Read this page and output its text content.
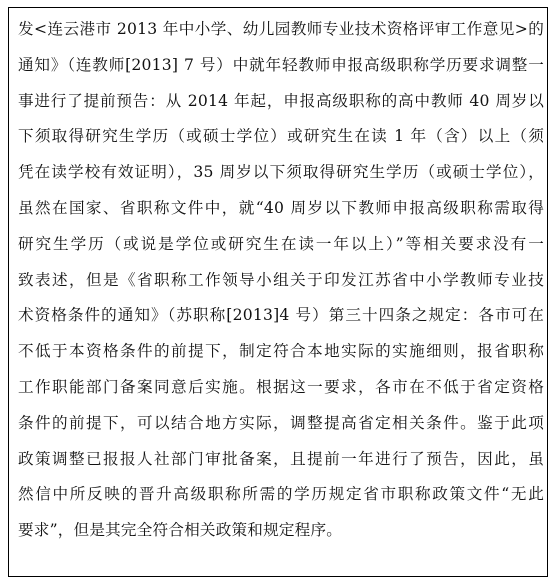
发<连云港市 2013 年中小学、幼儿园教师专业技术资格评审工作意见>的
通知》（连教师[2013] 7 号）中就年轻教师申报高级职称学历要求调整一
事进行了提前预告：从 2014 年起，申报高级职称的高中教师 40 周岁以
下须取得研究生学历（或硕士学位）或研究生在读 1 年（含）以上（须
凭在读学校有效证明），35 周岁以下须取得研究生学历（或硕士学位），
虽然在国家、省职称文件中，就“40 周岁以下教师申报高级职称需取得
研究生学历（或说是学位或研究生在读一年以上）”等相关要求没有一
致表述，但是《省职称工作领导小组关于印发江苏省中小学教师专业技
术资格条件的通知》（苏职称[2013]4 号）第三十四条之规定：各市可在
不低于本资格条件的前提下，制定符合本地实际的实施细则，报省职称
工作职能部门备案同意后实施。根据这一要求，各市在不低于省定资格
条件的前提下，可以结合地方实际，调整提高省定相关条件。鉴于此项
政策调整已报报人社部门审批备案，且提前一年进行了预告，因此，虽
然信中所反映的晋升高级职称所需的学历规定省市职称政策文件“无此
要求”，但是其完全符合相关政策和规定程序。
